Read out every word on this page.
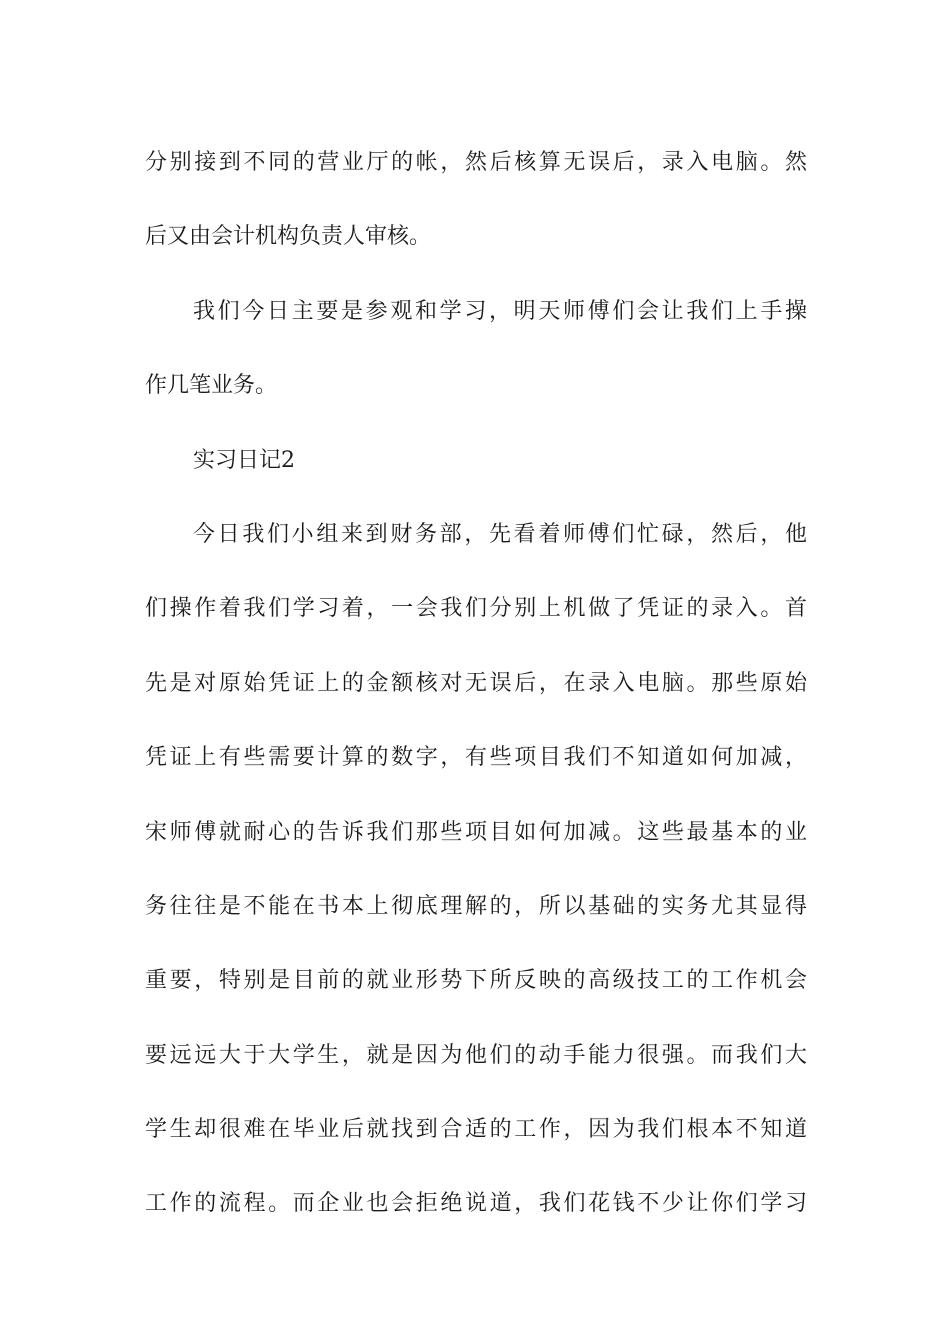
分别接到不同的营业厅的帐，然后核算无误后，录入电脑。然
后又由会计机构负责人审核。
我们今日主要是参观和学习，明天师傅们会让我们上手操
作几笔业务。
实习日记2
今日我们小组来到财务部，先看着师傅们忙碌，然后，他
们操作着我们学习着，一会我们分别上机做了凭证的录入。首
先是对原始凭证上的金额核对无误后，在录入电脑。那些原始
凭证上有些需要计算的数字，有些项目我们不知道如何加减，
宋师傅就耐心的告诉我们那些项目如何加减。这些最基本的业
务往往是不能在书本上彻底理解的，所以基础的实务尤其显得
重要，特别是目前的就业形势下所反映的高级技工的工作机会
要远远大于大学生，就是因为他们的动手能力很强。而我们大
学生却很难在毕业后就找到合适的工作，因为我们根本不知道
工作的流程。而企业也会拒绝说道，我们花钱不少让你们学习
